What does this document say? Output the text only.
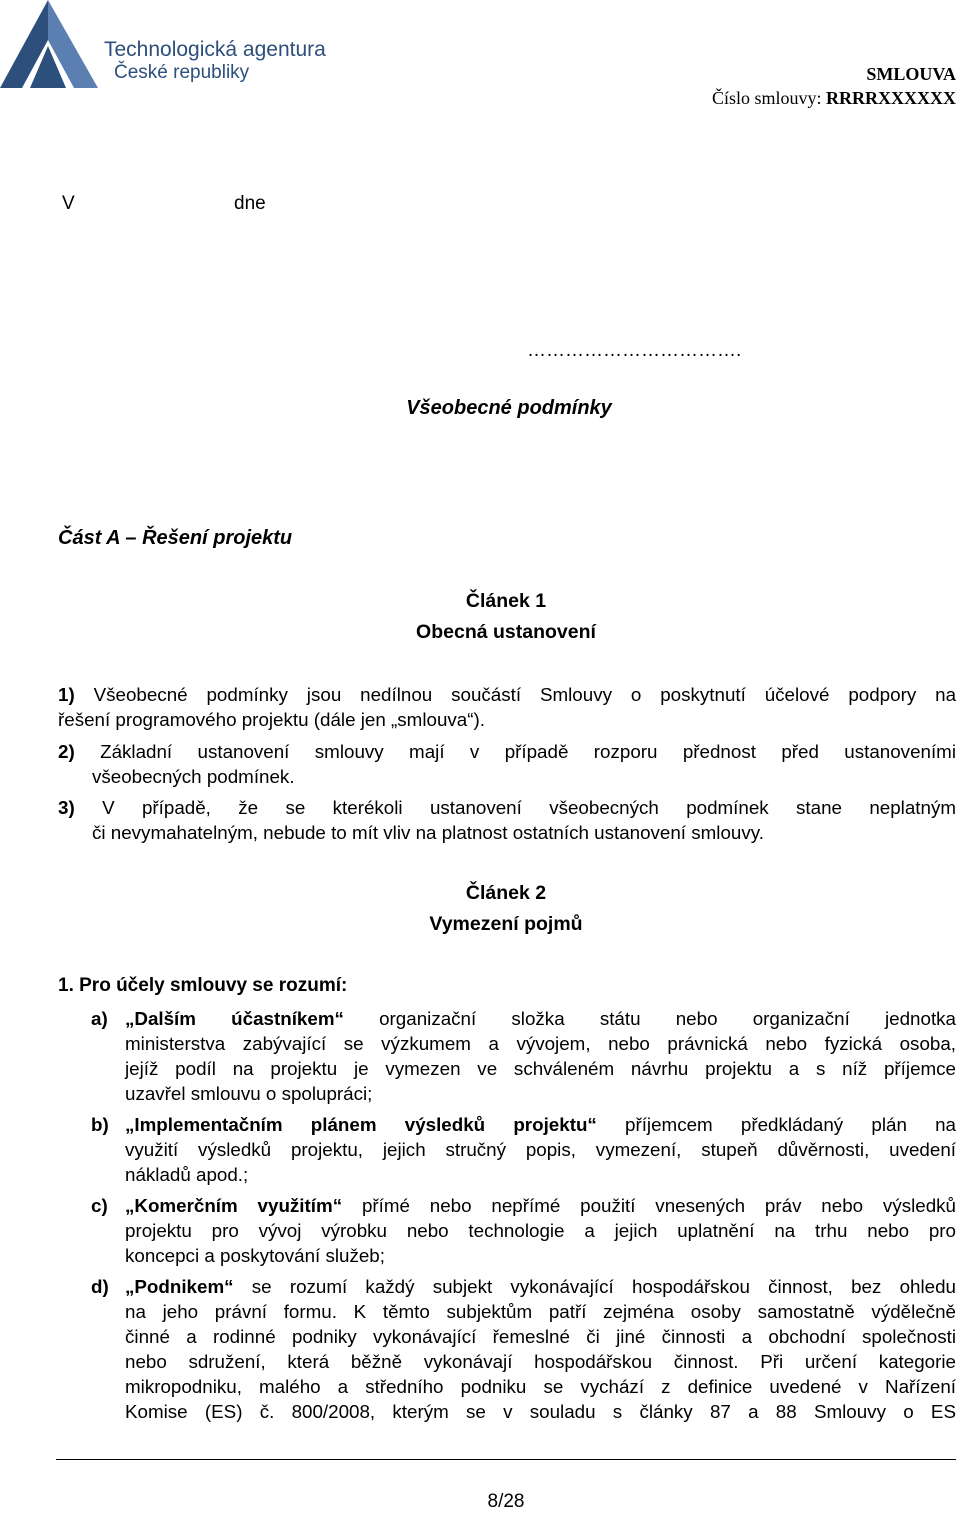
Technologická agentura
České republiky	SMLOUVA
Číslo smlouvy: RRRRXXXXXX
V	dne
…………………………….
Všeobecné podmínky
Část A – Řešení projektu
Článek 1
Obecná ustanovení
1) Všeobecné podmínky jsou nedílnou součástí Smlouvy o poskytnutí účelové podpory na
řešení programového projektu (dále jen „smlouva“).
2) Základní ustanovení smlouvy mají v případě rozporu přednost před ustanoveními
všeobecných podmínek.
3) V případě, že se kterékoli ustanovení všeobecných podmínek stane neplatným
či nevymahatelným, nebude to mít vliv na platnost ostatních ustanovení smlouvy.
Článek 2
Vymezení pojmů
1. Pro účely smlouvy se rozumí:
a) „Dalším účastníkem“ organizační složka státu nebo organizační jednotka
ministerstva zabývající se výzkumem a vývojem, nebo právnická nebo fyzická osoba,
jejíž podíl na projektu je vymezen ve schváleném návrhu projektu a s níž příjemce
uzavřel smlouvu o spolupráci;
b) „Implementačním plánem výsledků projektu“ příjemcem předkládaný plán na
využití výsledků projektu, jejich stručný popis, vymezení, stupeň důvěrnosti, uvedení
nákladů apod.;
c) „Komerčním využitím“ přímé nebo nepřímé použití vnesených práv nebo výsledků
projektu pro vývoj výrobku nebo technologie a jejich uplatnění na trhu nebo pro
koncepci a poskytování služeb;
d) „Podnikem“ se rozumí každý subjekt vykonávající hospodářskou činnost, bez ohledu
na jeho právní formu. K těmto subjektům patří zejména osoby samostatně výdělečně
činné a rodinné podniky vykonávající řemeslné či jiné činnosti a obchodní společnosti
nebo sdružení, která běžně vykonávají hospodářskou činnost. Při určení kategorie
mikropodniku, malého a středního podniku se vychází z definice uvedené v Nařízení
Komise (ES) č. 800/2008, kterým se v souladu s články 87 a 88 Smlouvy o ES
8/28
